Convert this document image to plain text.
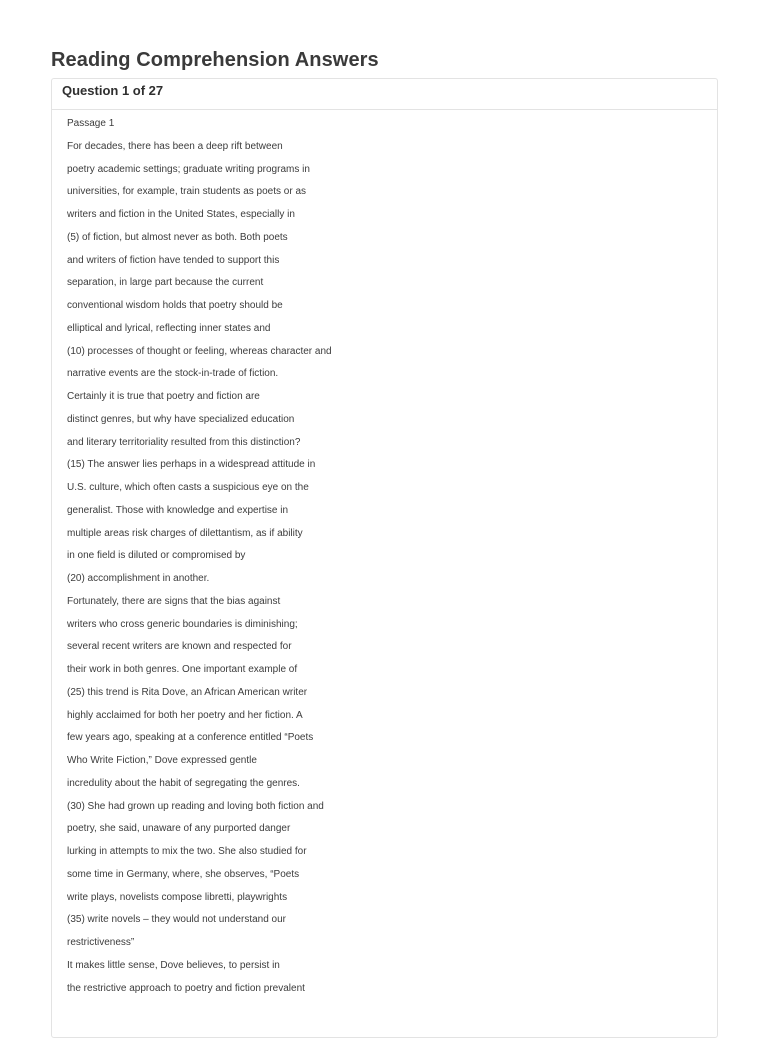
Reading Comprehension Answers
Question 1 of 27
Passage 1
For decades, there has been a deep rift between
poetry academic settings; graduate writing programs in
universities, for example, train students as poets or as
writers and fiction in the United States, especially in
(5) of fiction, but almost never as both. Both poets
and writers of fiction have tended to support this
separation, in large part because the current
conventional wisdom holds that poetry should be
elliptical and lyrical, reflecting inner states and
(10) processes of thought or feeling, whereas character and
narrative events are the stock-in-trade of fiction.
Certainly it is true that poetry and fiction are
distinct genres, but why have specialized education
and literary territoriality resulted from this distinction?
(15) The answer lies perhaps in a widespread attitude in
U.S. culture, which often casts a suspicious eye on the
generalist. Those with knowledge and expertise in
multiple areas risk charges of dilettantism, as if ability
in one field is diluted or compromised by
(20) accomplishment in another.
Fortunately, there are signs that the bias against
writers who cross generic boundaries is diminishing;
several recent writers are known and respected for
their work in both genres. One important example of
(25) this trend is Rita Dove, an African American writer
highly acclaimed for both her poetry and her fiction. A
few years ago, speaking at a conference entitled “Poets
Who Write Fiction,” Dove expressed gentle
incredulity about the habit of segregating the genres.
(30) She had grown up reading and loving both fiction and
poetry, she said, unaware of any purported danger
lurking in attempts to mix the two. She also studied for
some time in Germany, where, she observes, “Poets
write plays, novelists compose libretti, playwrights
(35) write novels – they would not understand our
restrictiveness”
It makes little sense, Dove believes, to persist in
the restrictive approach to poetry and fiction prevalent
